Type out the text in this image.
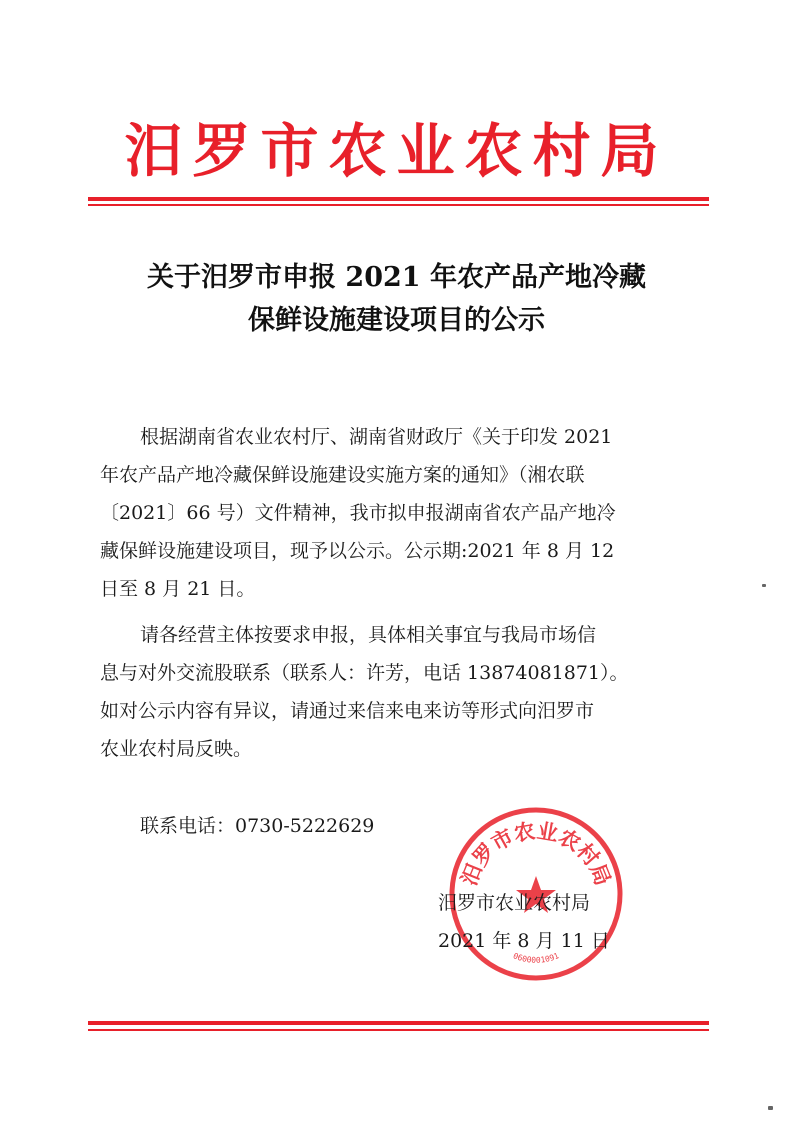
汨罗市农业农村局
关于汨罗市申报 2021 年农产品产地冷藏
保鲜设施建设项目的公示
根据湖南省农业农村厅、湖南省财政厅《关于印发 2021
年农产品产地冷藏保鲜设施建设实施方案的通知》（湘农联
〔2021〕66 号）文件精神，我市拟申报湖南省农产品产地冷
藏保鲜设施建设项目，现予以公示。公示期:2021 年 8 月 12
日至 8 月 21 日。
请各经营主体按要求申报，具体相关事宜与我局市场信
息与对外交流股联系（联系人：许芳，电话 13874081871）。
如对公示内容有异议，请通过来信来电来访等形式向汨罗市
农业农村局反映。
联系电话：0730-5222629
汨罗市农业农村局
0600001091
汨罗市农业农村局
2021 年 8 月 11 日
